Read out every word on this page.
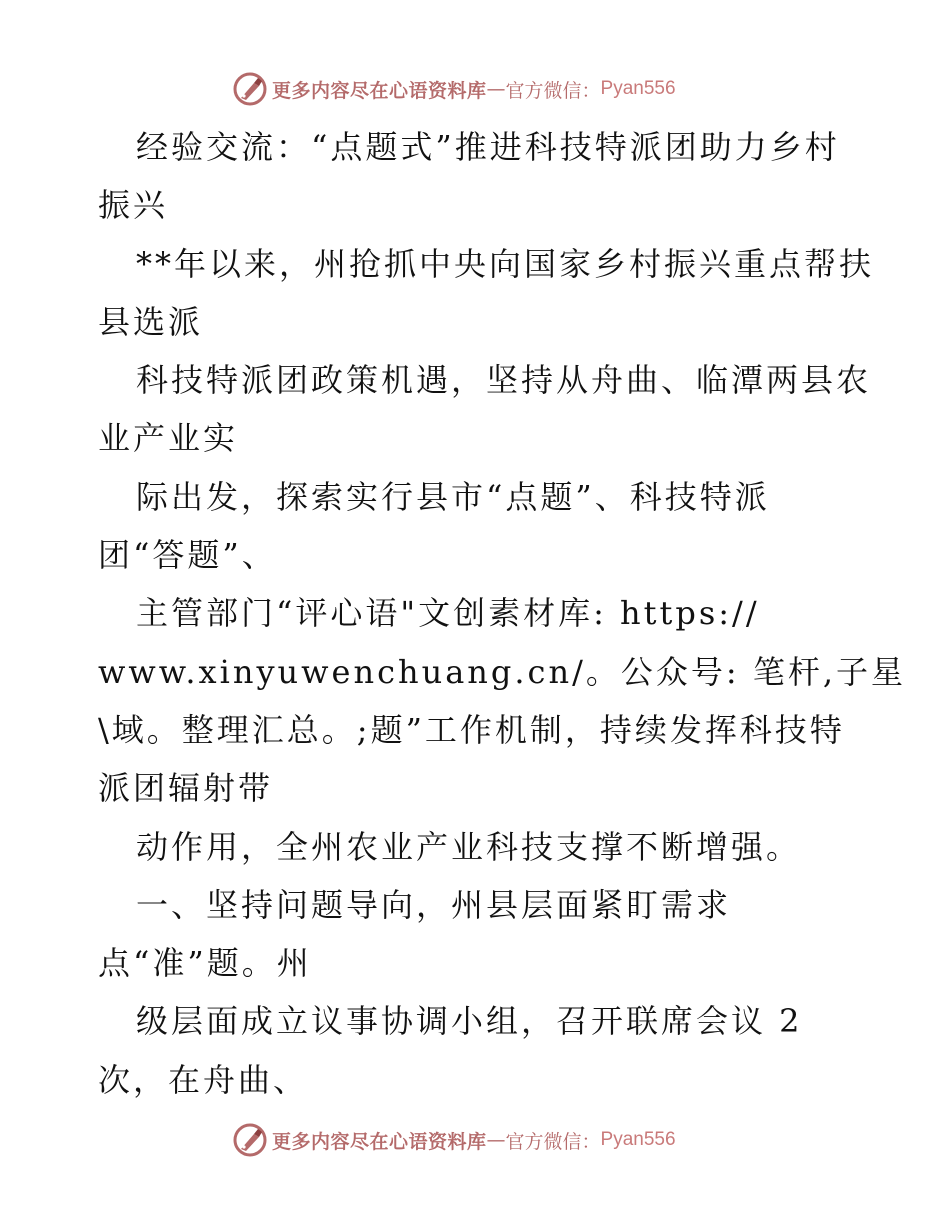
更多内容尽在心语资料库 — 官方微信： Pyan556
经验交流：“点题式”推进科技特派团助力乡村
振兴
**年以来，州抢抓中央向国家乡村振兴重点帮扶
县选派
科技特派团政策机遇，坚持从舟曲、临潭两县农
业产业实
际出发，探索实行县市“点题”、科技特派
团“答题”、
主管部门“评心语"文创素材库: https://
www.xinyuwenchuang.cn/。公众号: 笔杆,子星
\域。整理汇总。;题”工作机制，持续发挥科技特
派团辐射带
动作用，全州农业产业科技支撑不断增强。
一、坚持问题导向，州县层面紧盯需求
点“准”题。州
级层面成立议事协调小组，召开联席会议 2
次，在舟曲、
更多内容尽在心语资料库 — 官方微信： Pyan556
